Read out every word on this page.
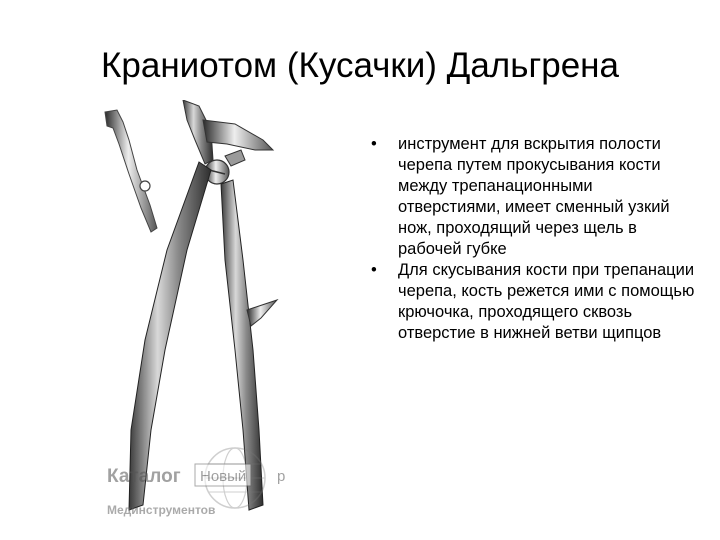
Краниотом (Кусачки) Дальгрена
Каталог Новый р
Мединструментов
• инструмент для вскрытия полости черепа путем прокусывания кости между трепанационными отверстиями, имеет сменный узкий нож, проходящий через щель в рабочей губке
• Для скусывания кости при трепанации черепа, кость режется ими с помощью крючочка, проходящего сквозь отверстие в нижней ветви щипцов
